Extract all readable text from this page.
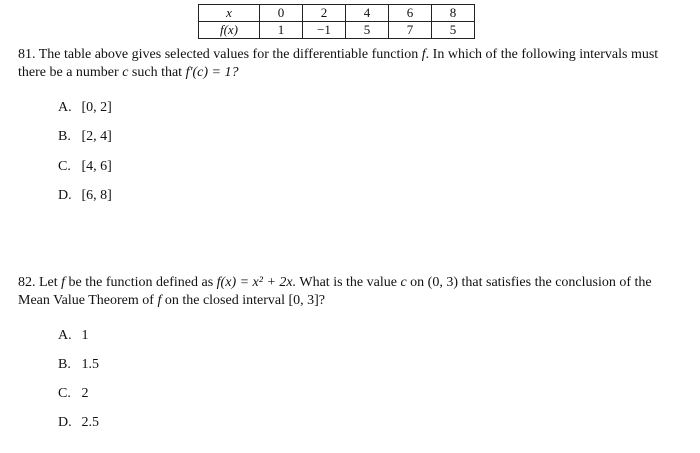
x	0	2	4	6	8
f(x)	1	−1	5	7	5
81. The table above gives selected values for the differentiable function f. In which of the following intervals must there be a number c such that f′(c) = 1?
A. [0, 2]
B. [2, 4]
C. [4, 6]
D. [6, 8]
82. Let f be the function defined as f(x) = x² + 2x. What is the value c on (0, 3) that satisfies the conclusion of the Mean Value Theorem of f on the closed interval [0, 3]?
A. 1
B. 1.5
C. 2
D. 2.5
